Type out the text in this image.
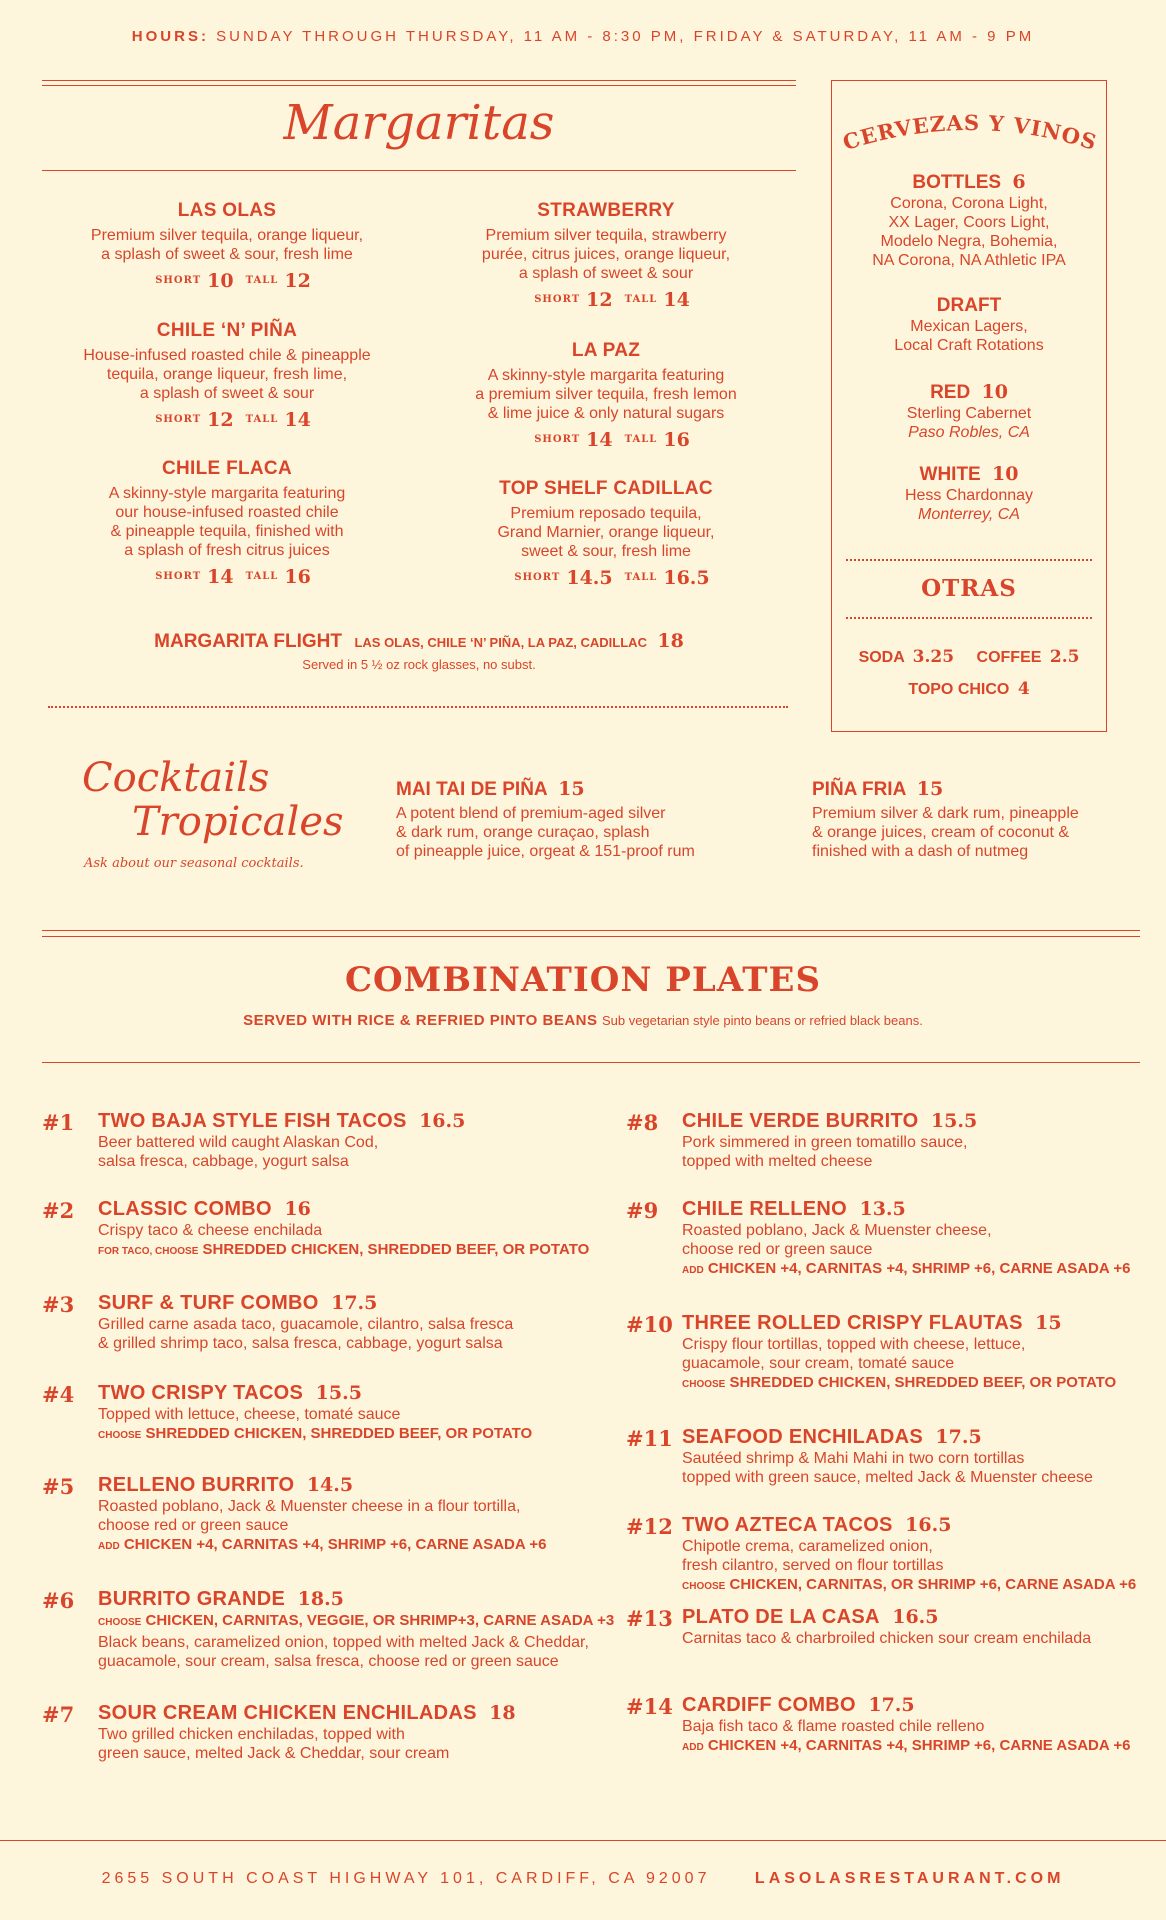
HOURS: SUNDAY THROUGH THURSDAY, 11 AM - 8:30 PM, FRIDAY & SATURDAY, 11 AM - 9 PM
Margaritas
LAS OLAS
Premium silver tequila, orange liqueur,
a splash of sweet & sour, fresh lime
$^{SHORT}$ 10 $^{TALL}$ 12
STRAWBERRY
Premium silver tequila, strawberry
purée, citrus juices, orange liqueur,
a splash of sweet & sour
$^{SHORT}$ 12 $^{TALL}$ 14
CHILE ‘N’ PIÑA
House-infused roasted chile & pineapple
tequila, orange liqueur, fresh lime,
a splash of sweet & sour
$^{SHORT}$ 12 $^{TALL}$ 14
LA PAZ
A skinny-style margarita featuring
a premium silver tequila, fresh lemon
& lime juice & only natural sugars
$^{SHORT}$ 14 $^{TALL}$ 16
CHILE FLACA
A skinny-style margarita featuring
our house-infused roasted chile
& pineapple tequila, finished with
a splash of fresh citrus juices
$^{SHORT}$ 14 $^{TALL}$ 16
TOP SHELF CADILLAC
Premium reposado tequila,
Grand Marnier, orange liqueur,
sweet & sour, fresh lime
$^{SHORT}$ 14.5 $^{TALL}$ 16.5
MARGARITA FLIGHT LAS OLAS, CHILE ‘N’ PIÑA, LA PAZ, CADILLAC 18
Served in 5 ½ oz rock glasses, no subst.
CERVEZAS Y VINOS
BOTTLES 6
Corona, Corona Light,
XX Lager, Coors Light,
Modelo Negra, Bohemia,
NA Corona, NA Athletic IPA
DRAFT
Mexican Lagers,
Local Craft Rotations
RED 10
Sterling Cabernet
Paso Robles, CA
WHITE 10
Hess Chardonnay
Monterrey, CA
OTRAS
SODA 3.25 COFFEE 2.5
TOPO CHICO 4
Cocktails
Tropicales
Ask about our seasonal cocktails.
MAI TAI DE PIÑA 15
A potent blend of premium-aged silver
& dark rum, orange curaçao, splash
of pineapple juice, orgeat & 151-proof rum
PIÑA FRIA 15
Premium silver & dark rum, pineapple
& orange juices, cream of coconut &
finished with a dash of nutmeg
COMBINATION PLATES
SERVED WITH RICE & REFRIED PINTO BEANS Sub vegetarian style pinto beans or refried black beans.
#1 TWO BAJA STYLE FISH TACOS 16.5
Beer battered wild caught Alaskan Cod,
salsa fresca, cabbage, yogurt salsa
#2 CLASSIC COMBO 16
Crispy taco & cheese enchilada
FOR TACO, CHOOSE SHREDDED CHICKEN, SHREDDED BEEF, OR POTATO
#3 SURF & TURF COMBO 17.5
Grilled carne asada taco, guacamole, cilantro, salsa fresca
& grilled shrimp taco, salsa fresca, cabbage, yogurt salsa
#4 TWO CRISPY TACOS 15.5
Topped with lettuce, cheese, tomaté sauce
CHOOSE SHREDDED CHICKEN, SHREDDED BEEF, OR POTATO
#5 RELLENO BURRITO 14.5
Roasted poblano, Jack & Muenster cheese in a flour tortilla,
choose red or green sauce
ADD CHICKEN +4, CARNITAS +4, SHRIMP +6, CARNE ASADA +6
#6 BURRITO GRANDE 18.5
CHOOSE CHICKEN, CARNITAS, VEGGIE, OR SHRIMP+3, CARNE ASADA +3
Black beans, caramelized onion, topped with melted Jack & Cheddar,
guacamole, sour cream, salsa fresca, choose red or green sauce
#7 SOUR CREAM CHICKEN ENCHILADAS 18
Two grilled chicken enchiladas, topped with
green sauce, melted Jack & Cheddar, sour cream
#8 CHILE VERDE BURRITO 15.5
Pork simmered in green tomatillo sauce,
topped with melted cheese
#9 CHILE RELLENO 13.5
Roasted poblano, Jack & Muenster cheese,
choose red or green sauce
ADD CHICKEN +4, CARNITAS +4, SHRIMP +6, CARNE ASADA +6
#10 THREE ROLLED CRISPY FLAUTAS 15
Crispy flour tortillas, topped with cheese, lettuce,
guacamole, sour cream, tomaté sauce
CHOOSE SHREDDED CHICKEN, SHREDDED BEEF, OR POTATO
#11 SEAFOOD ENCHILADAS 17.5
Sautéed shrimp & Mahi Mahi in two corn tortillas
topped with green sauce, melted Jack & Muenster cheese
#12 TWO AZTECA TACOS 16.5
Chipotle crema, caramelized onion,
fresh cilantro, served on flour tortillas
CHOOSE CHICKEN, CARNITAS, OR SHRIMP +6, CARNE ASADA +6
#13 PLATO DE LA CASA 16.5
Carnitas taco & charbroiled chicken sour cream enchilada
#14 CARDIFF COMBO 17.5
Baja fish taco & flame roasted chile relleno
ADD CHICKEN +4, CARNITAS +4, SHRIMP +6, CARNE ASADA +6
2655 SOUTH COAST HIGHWAY 101, CARDIFF, CA 92007	LASOLASRESTAURANT.COM
